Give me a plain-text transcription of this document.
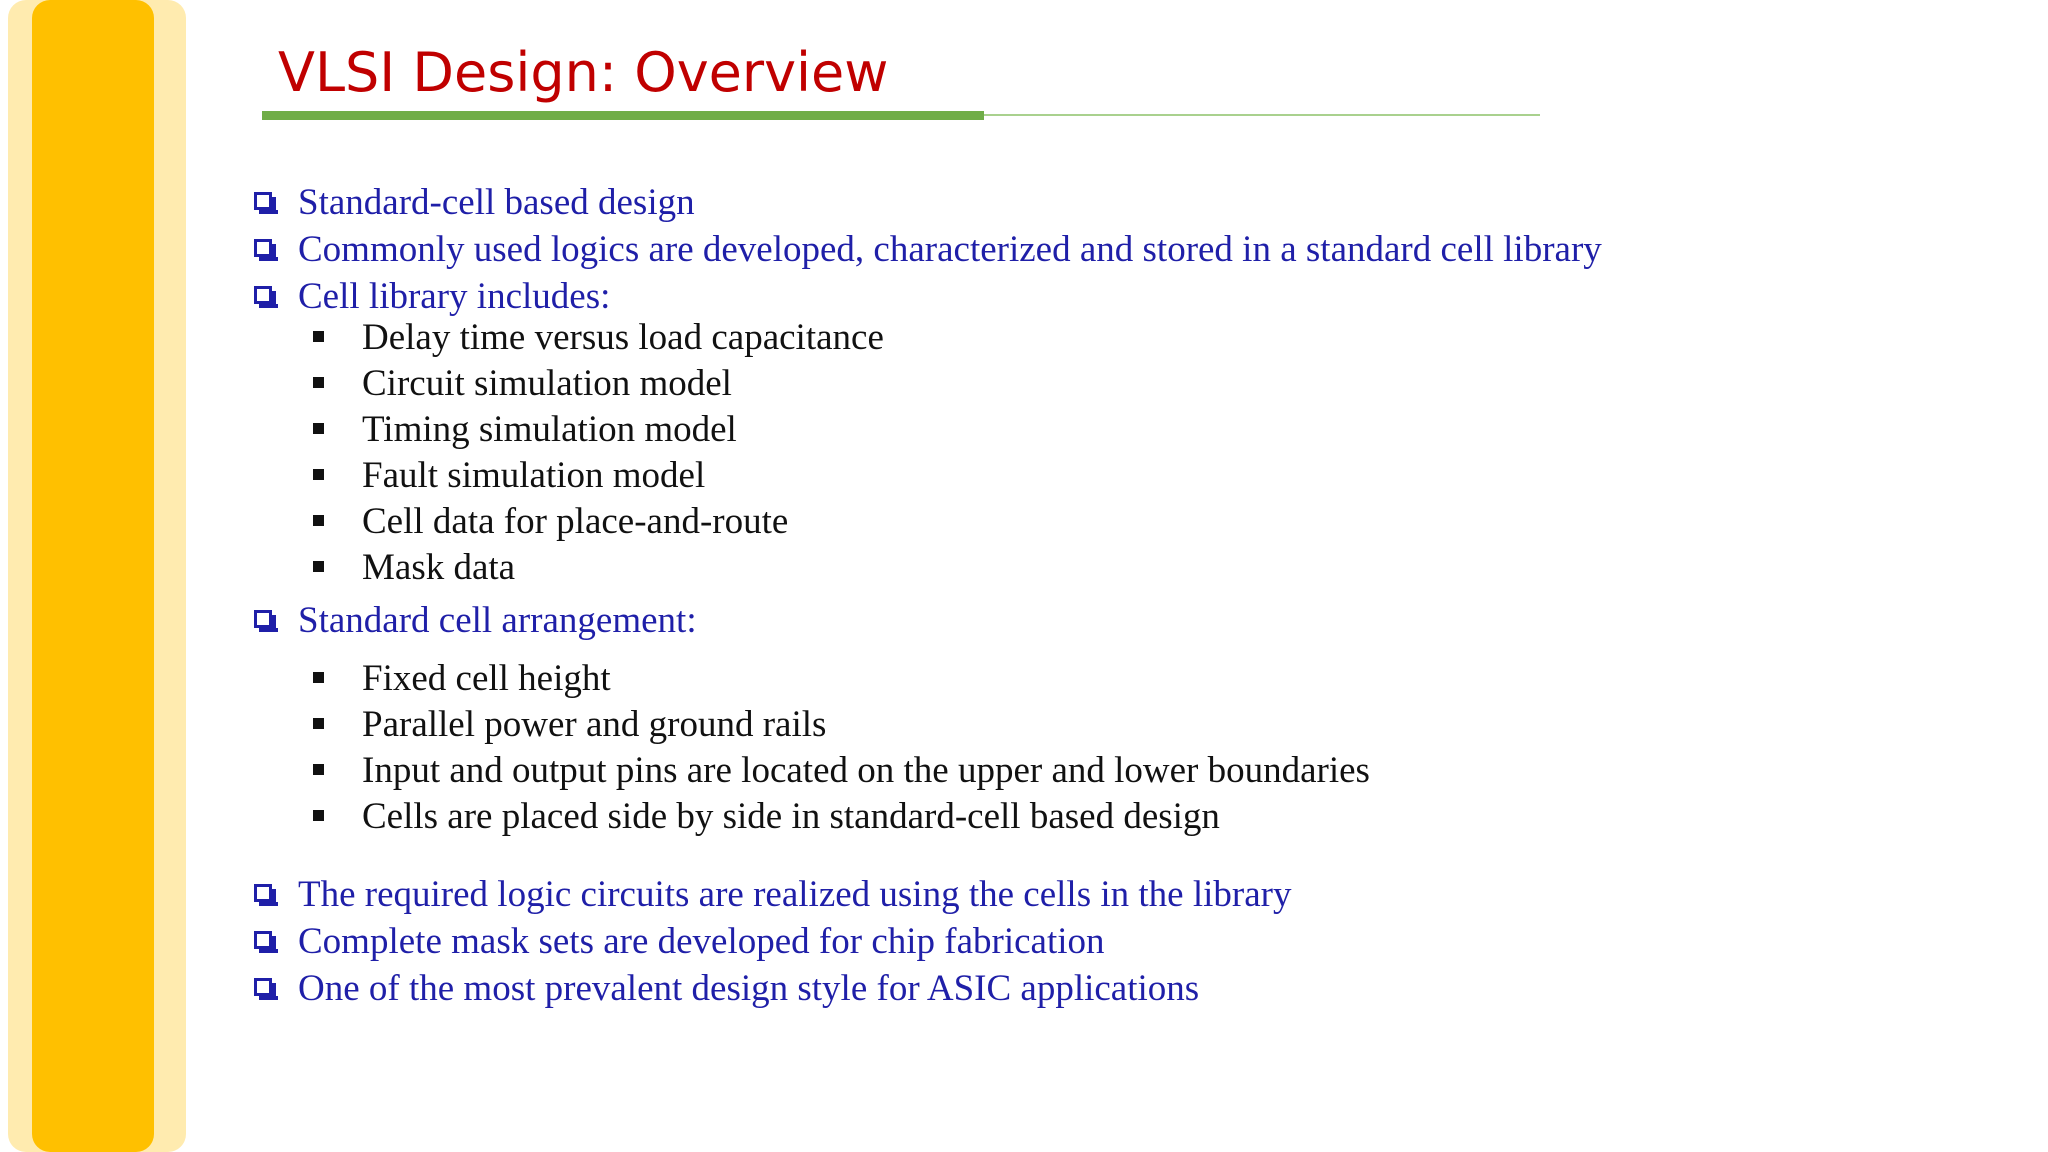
VLSI Design: Overview
Standard-cell based design
Commonly used logics are developed, characterized and stored in a standard cell library
Cell library includes:
Delay time versus load capacitance
Circuit simulation model
Timing simulation model
Fault simulation model
Cell data for place-and-route
Mask data
Standard cell arrangement:
Fixed cell height
Parallel power and ground rails
Input and output pins are located on the upper and lower boundaries
Cells are placed side by side in standard-cell based design
The required logic circuits are realized using the cells in the library
Complete mask sets are developed for chip fabrication
One of the most prevalent design style for ASIC applications
